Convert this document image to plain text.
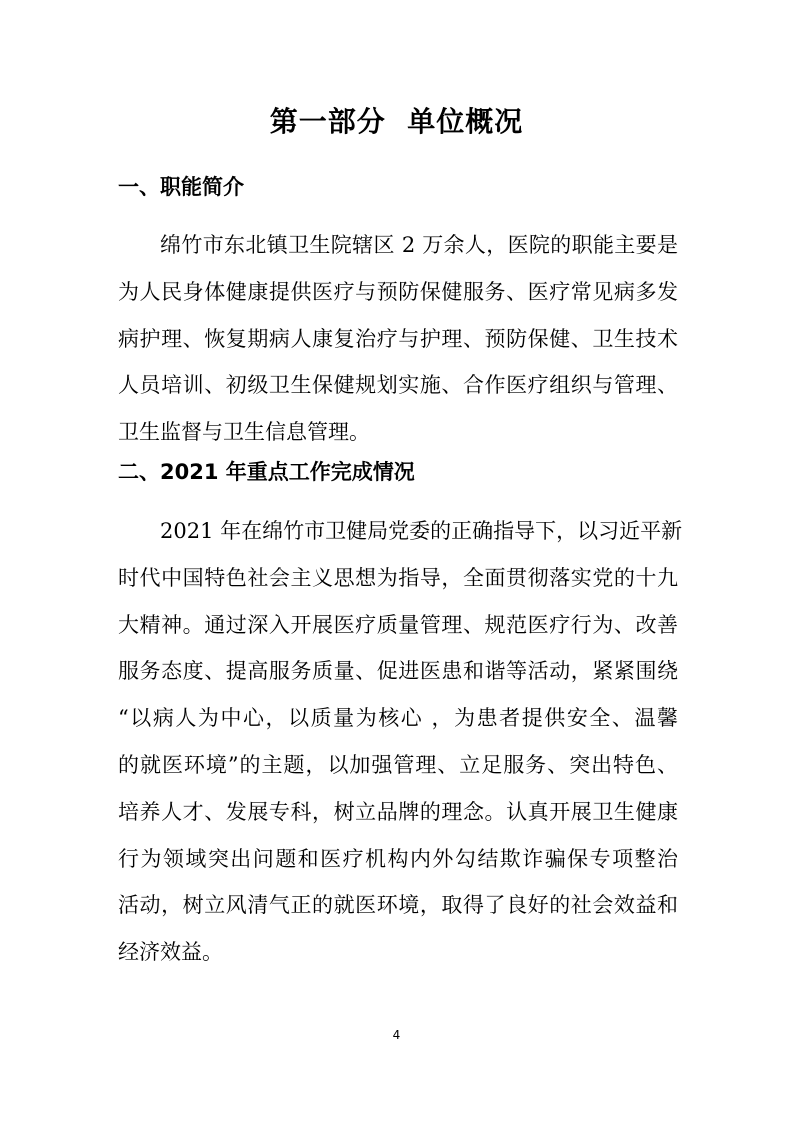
第一部分  单位概况
一、职能简介
绵竹市东北镇卫生院辖区 2 万余人，医院的职能主要是
为人民身体健康提供医疗与预防保健服务、医疗常见病多发
病护理、恢复期病人康复治疗与护理、预防保健、卫生技术
人员培训、初级卫生保健规划实施、合作医疗组织与管理、
卫生监督与卫生信息管理。
二、2021 年重点工作完成情况
2021 年在绵竹市卫健局党委的正确指导下，以习近平新
时代中国特色社会主义思想为指导，全面贯彻落实党的十九
大精神。通过深入开展医疗质量管理、规范医疗行为、改善
服务态度、提高服务质量、促进医患和谐等活动，紧紧围绕
“以病人为中心，以质量为核心 ，为患者提供安全、温馨
的就医环境”的主题，以加强管理、立足服务、突出特色、
培养人才、发展专科，树立品牌的理念。认真开展卫生健康
行为领域突出问题和医疗机构内外勾结欺诈骗保专项整治
活动，树立风清气正的就医环境，取得了良好的社会效益和
经济效益。
4
